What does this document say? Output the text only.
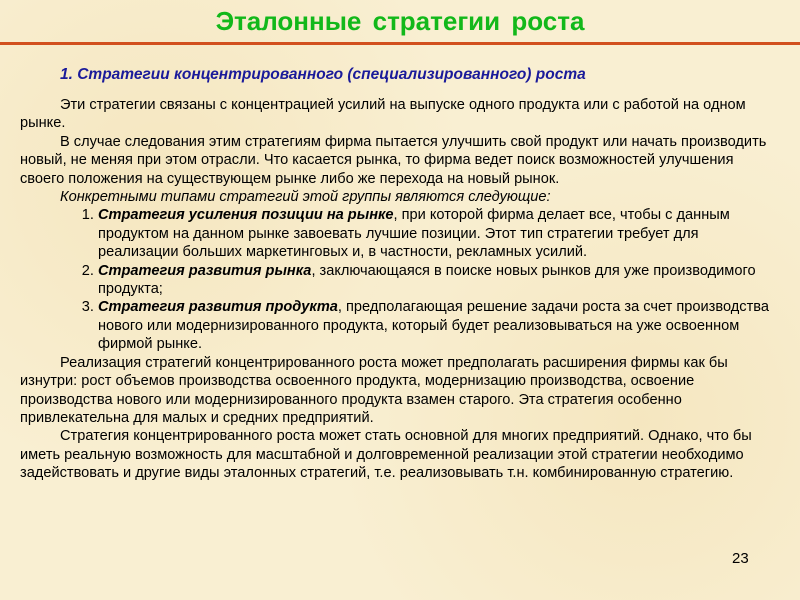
Эталонные стратегии роста
1. Стратегии концентрированного (специализированного) роста

Эти стратегии связаны с концентрацией усилий на выпуске одного продукта или с работой на одном рынке.

В случае следования этим стратегиям фирма пытается улучшить свой продукт или начать производить новый, не меняя при этом отрасли. Что касается рынка, то фирма ведет поиск возможностей улучшения своего положения на существующем рынке либо же перехода на новый рынок.

Конкретными типами стратегий этой группы являются следующие:

1. Стратегия усиления позиции на рынке, при которой фирма делает все, чтобы с данным продуктом на данном рынке завоевать лучшие позиции. Этот тип стратегии требует для реализации больших маркетинговых и, в частности, рекламных усилий.
2. Стратегия развития рынка, заключающаяся в поиске новых рынков для уже производимого продукта;
3. Стратегия развития продукта, предполагающая решение задачи роста за счет производства нового или модернизированного продукта, который будет реализовываться на уже освоенном фирмой рынке.

Реализация стратегий концентрированного роста может предполагать расширения фирмы как бы изнутри: рост объемов производства освоенного продукта, модернизацию производства, освоение производства нового или модернизированного продукта взамен старого. Эта стратегия особенно привлекательна для малых и средних предприятий.

Стратегия концентрированного роста может стать основной для многих предприятий. Однако, что бы иметь реальную возможность для масштабной и долговременной реализации этой стратегии необходимо задействовать и другие виды эталонных стратегий, т.е. реализовывать т.н. комбинированную стратегию.

23
